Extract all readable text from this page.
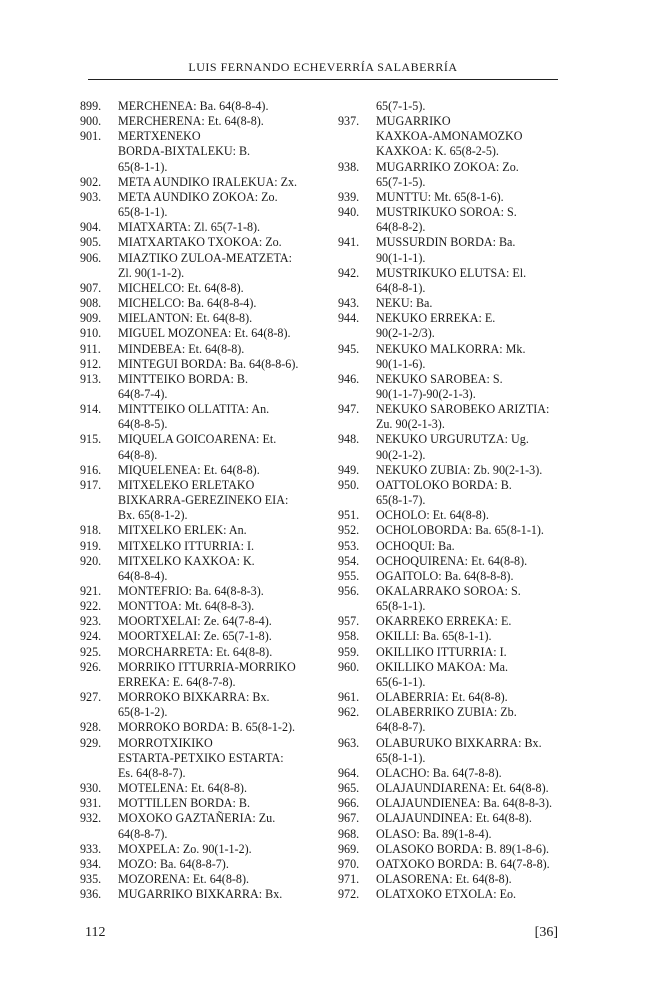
LUIS FERNANDO ECHEVERRÍA SALABERRÍA
899. MERCHENEA: Ba. 64(8-8-4).
900. MERCHERENA: Et. 64(8-8).
901. MERTXENEKO
BORDA-BIXTALEKU: B.
65(8-1-1).
902. META AUNDIKO IRALEKUA: Zx.
903. META AUNDIKO ZOKOA: Zo.
65(8-1-1).
904. MIATXARTA: Zl. 65(7-1-8).
905. MIATXARTAKO TXOKOA: Zo.
906. MIAZTIKO ZULOA-MEATZETA:
Zl. 90(1-1-2).
907. MICHELCO: Et. 64(8-8).
908. MICHELCO: Ba. 64(8-8-4).
909. MIELANTON: Et. 64(8-8).
910. MIGUEL MOZONEA: Et. 64(8-8).
911. MINDEBEA: Et. 64(8-8).
912. MINTEGUI BORDA: Ba. 64(8-8-6).
913. MINTTEIKO BORDA: B.
64(8-7-4).
914. MINTTEIKO OLLATITA: An.
64(8-8-5).
915. MIQUELA GOICOARENA: Et.
64(8-8).
916. MIQUELENEA: Et. 64(8-8).
917. MITXELEKO ERLETAKO
BIXKARRA-GEREZINEKO EIA:
Bx. 65(8-1-2).
918. MITXELKO ERLEK: An.
919. MITXELKO ITTURRIA: I.
920. MITXELKO KAXKOA: K.
64(8-8-4).
921. MONTEFRIO: Ba. 64(8-8-3).
922. MONTTOA: Mt. 64(8-8-3).
923. MOORTXELAI: Ze. 64(7-8-4).
924. MOORTXELAI: Ze. 65(7-1-8).
925. MORCHARRETA: Et. 64(8-8).
926. MORRIKO ITTURRIA-MORRIKO
ERREKA: E. 64(8-7-8).
927. MORROKO BIXKARRA: Bx.
65(8-1-2).
928. MORROKO BORDA: B. 65(8-1-2).
929. MORROTXIKIKO
ESTARTA-PETXIKO ESTARTA:
Es. 64(8-8-7).
930. MOTELENA: Et. 64(8-8).
931. MOTTILLEN BORDA: B.
932. MOXOKO GAZTAÑERIA: Zu.
64(8-8-7).
933. MOXPELA: Zo. 90(1-1-2).
934. MOZO: Ba. 64(8-8-7).
935. MOZORENA: Et. 64(8-8).
936. MUGARRIKO BIXKARRA: Bx.
65(7-1-5).
937. MUGARRIKO
KAXKOA-AMONAMOZKO
KAXKOA: K. 65(8-2-5).
938. MUGARRIKO ZOKOA: Zo.
65(7-1-5).
939. MUNTTU: Mt. 65(8-1-6).
940. MUSTRIKUKO SOROA: S.
64(8-8-2).
941. MUSSURDIN BORDA: Ba.
90(1-1-1).
942. MUSTRIKUKO ELUTSA: El.
64(8-8-1).
943. NEKU: Ba.
944. NEKUKO ERREKA: E.
90(2-1-2/3).
945. NEKUKO MALKORRA: Mk.
90(1-1-6).
946. NEKUKO SAROBEA: S.
90(1-1-7)-90(2-1-3).
947. NEKUKO SAROBEKO ARIZTIA:
Zu. 90(2-1-3).
948. NEKUKO URGURUTZA: Ug.
90(2-1-2).
949. NEKUKO ZUBIA: Zb. 90(2-1-3).
950. OATTOLOKO BORDA: B.
65(8-1-7).
951. OCHOLO: Et. 64(8-8).
952. OCHOLOBORDA: Ba. 65(8-1-1).
953. OCHOQUI: Ba.
954. OCHOQUIRENA: Et. 64(8-8).
955. OGAITOLO: Ba. 64(8-8-8).
956. OKALARRAKO SOROA: S.
65(8-1-1).
957. OKARREKO ERREKA: E.
958. OKILLI: Ba. 65(8-1-1).
959. OKILLIKO ITTURRIA: I.
960. OKILLIKO MAKOA: Ma.
65(6-1-1).
961. OLABERRIA: Et. 64(8-8).
962. OLABERRIKO ZUBIA: Zb.
64(8-8-7).
963. OLABURUKO BIXKARRA: Bx.
65(8-1-1).
964. OLACHO: Ba. 64(7-8-8).
965. OLAJAUNDIARENA: Et. 64(8-8).
966. OLAJAUNDIENEA: Ba. 64(8-8-3).
967. OLAJAUNDINEA: Et. 64(8-8).
968. OLASO: Ba. 89(1-8-4).
969. OLASOKO BORDA: B. 89(1-8-6).
970. OATXOKO BORDA: B. 64(7-8-8).
971. OLASORENA: Et. 64(8-8).
972. OLATXOKO ETXOLA: Eo.
112	[36]
